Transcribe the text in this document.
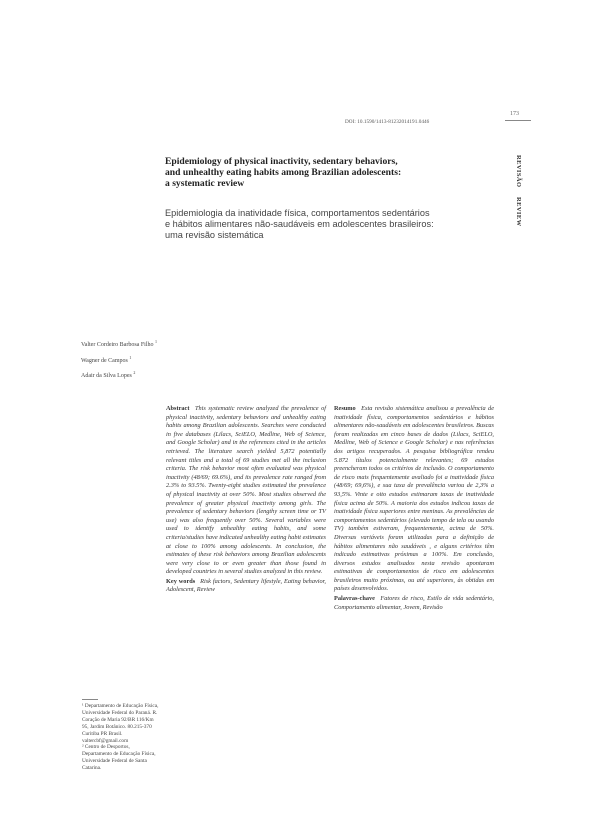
173
DOI: 10.1590/1413-81232014191.0446
REVISÃO  REVIEW
Epidemiology of physical inactivity, sedentary behaviors,
and unhealthy eating habits among Brazilian adolescents:
a systematic review
Epidemiologia da inatividade física, comportamentos sedentários
e hábitos alimentares não-saudáveis em adolescentes brasileiros:
uma revisão sistemática
Valter Cordeiro Barbosa Filho $^1$
Wagner de Campos $^1$
Adair da Silva Lopes $^2$
Abstract This systematic review analyzed the prevalence of physical inactivity, sedentary behaviors and unhealthy eating habits among Brazilian adolescents. Searches were conducted in five databases (Lilacs, SciELO, Medline, Web of Science, and Google Scholar) and in the references cited in the articles retrieved. The literature search yielded 5,872 potentially relevant titles and a total of 69 studies met all the inclusion criteria. The risk behavior most often evaluated was physical inactivity (48/69; 69.6%), and its prevalence rate ranged from 2.3% to 93.5%. Twenty-eight studies estimated the prevalence of physical inactivity at over 50%. Most studies observed the prevalence of greater physical inactivity among girls. The prevalence of sedentary behaviors (lengthy screen time or TV use) was also frequently over 50%. Several variables were used to identify unhealthy eating habits, and some criteria/studies have indicated unhealthy eating habit estimates at close to 100% among adolescents. In conclusion, the estimates of these risk behaviors among Brazilian adolescents were very close to or even greater than those found in developed countries in several studies analyzed in this review.
Key words Risk factors, Sedentary lifestyle, Eating behavior, Adolescent, Review
Resumo Esta revisão sistemática analisou a prevalência de inatividade física, comportamentos sedentários e hábitos alimentares não-saudáveis em adolescentes brasileiros. Buscas foram realizadas em cinco bases de dados (Lilacs, SciELO, Medline, Web of Science e Google Scholar) e nas referências dos artigos recuperados. A pesquisa bibliográfica rendeu 5.872 títulos potencialmente relevantes; 69 estudos preencheram todos os critérios de inclusão. O comportamento de risco mais frequentemente avaliado foi a inatividade física (48/69; 69,6%), e sua taxa de prevalência variou de 2,3% a 93,5%. Vinte e oito estudos estimaram taxas de inatividade física acima de 50%. A maioria dos estudos indicou taxas de inatividade física superiores entre meninas. As prevalências de comportamentos sedentários (elevado tempo de tela ou usando TV) também estiveram, frequentemente, acima de 50%. Diversas variáveis foram utilizadas para a definição de hábitos alimentares não saudáveis , e alguns critérios têm indicado estimativas próximas a 100%. Em conclusão, diversos estudos analisados nesta revisão apontaram estimativas de comportamentos de risco em adolescentes brasileiros muito próximas, ou até superiores, às obtidas em países desenvolvidos.
Palavras-chave Fatores de risco, Estilo de vida sedentário, Comportamento alimentar, Jovem, Revisão
¹ Departamento de Educação Física, Universidade Federal do Paraná. R. Coração de Maria 92/BR 116/Km 95, Jardim Botânico. 80.215-370 Curitiba PR Brasil. valtercbf@gmail.com
² Centro de Desportos, Departamento de Educação Física, Universidade Federal de Santa Catarina.
